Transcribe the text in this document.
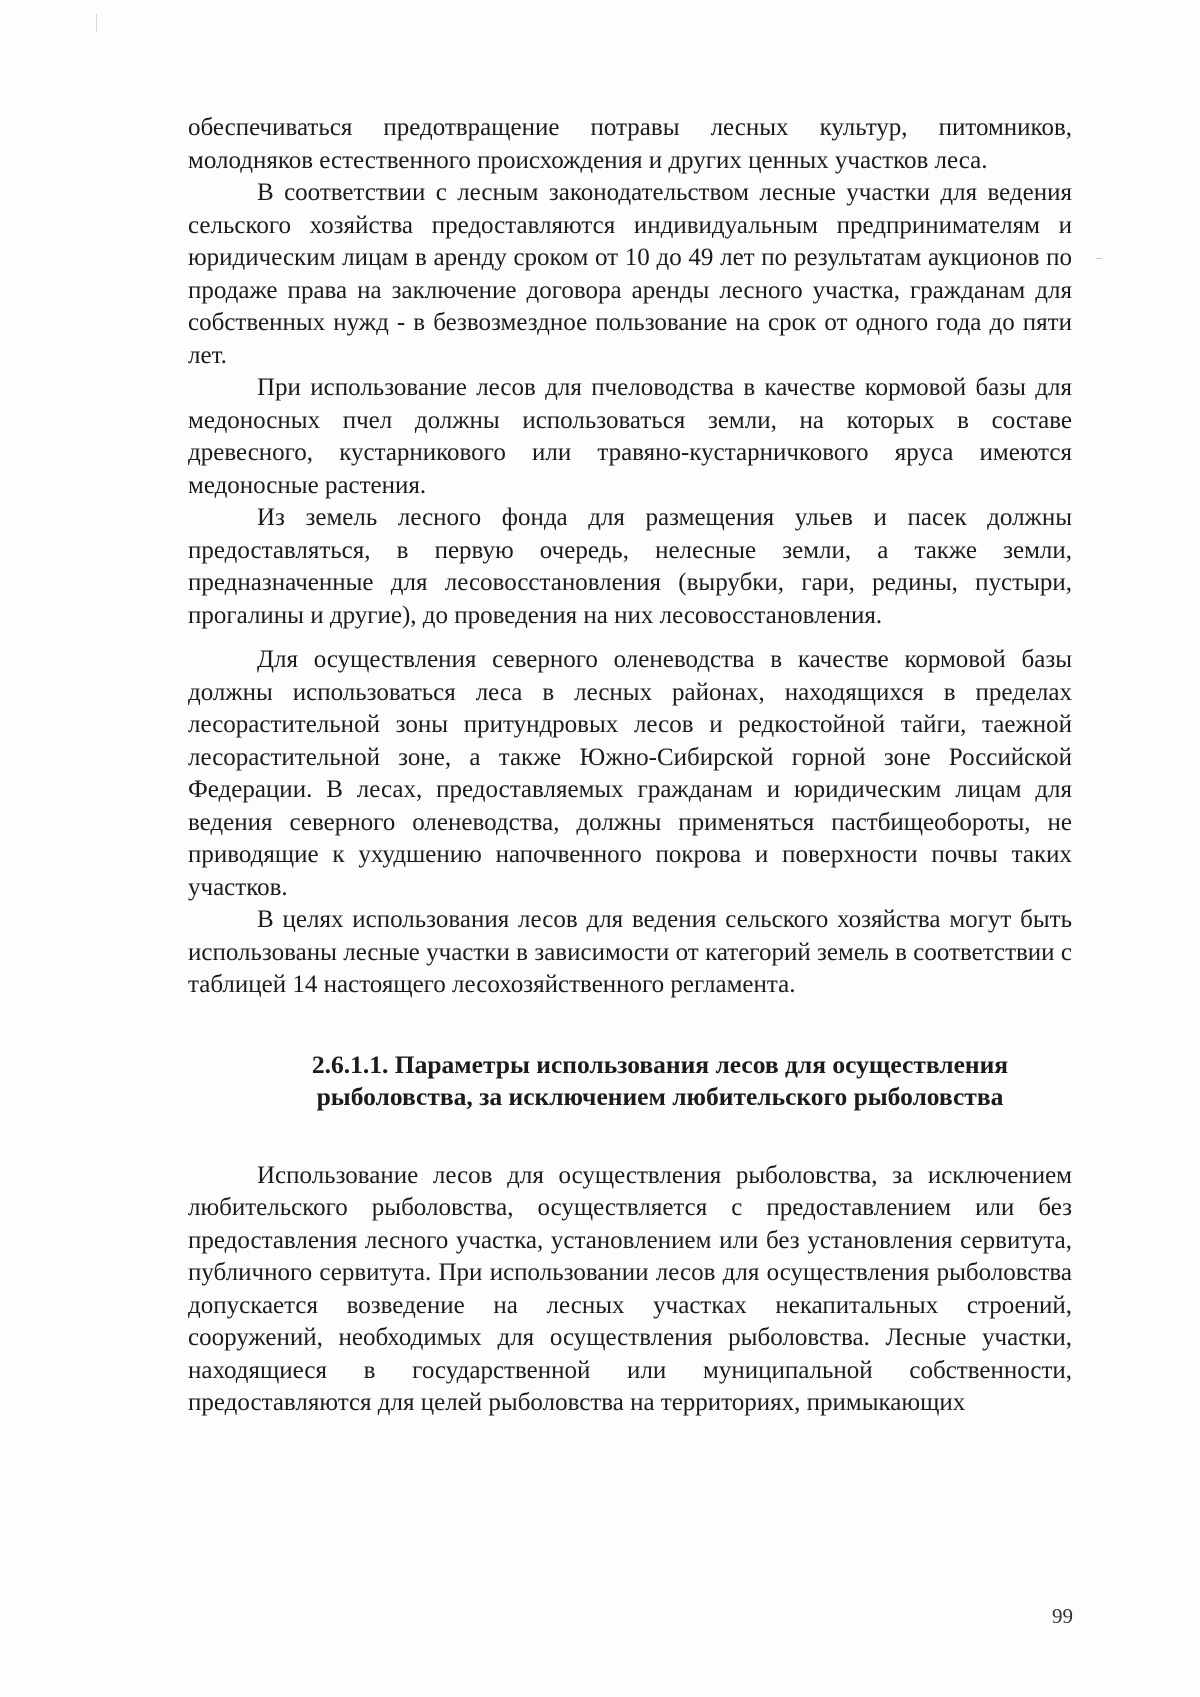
обеспечиваться предотвращение потравы лесных культур, питомников, молодняков естественного происхождения и других ценных участков леса.

В соответствии с лесным законодательством лесные участки для ведения сельского хозяйства предоставляются индивидуальным предпринимателям и юридическим лицам в аренду сроком от 10 до 49 лет по результатам аукционов по продаже права на заключение договора аренды лесного участка, гражданам для собственных нужд - в безвозмездное пользование на срок от одного года до пяти лет.

При использование лесов для пчеловодства в качестве кормовой базы для медоносных пчел должны использоваться земли, на которых в составе древесного, кустарникового или травяно-кустарничкового яруса имеются медоносные растения.

Из земель лесного фонда для размещения ульев и пасек должны предоставляться, в первую очередь, нелесные земли, а также земли, предназначенные для лесовосстановления (вырубки, гари, редины, пустыри, прогалины и другие), до проведения на них лесовосстановления.

Для осуществления северного оленеводства в качестве кормовой базы должны использоваться леса в лесных районах, находящихся в пределах лесорастительной зоны притундровых лесов и редкостойной тайги, таежной лесорастительной зоне, а также Южно-Сибирской горной зоне Российской Федерации. В лесах, предоставляемых гражданам и юридическим лицам для ведения северного оленеводства, должны применяться пастбищеобороты, не приводящие к ухудшению напочвенного покрова и поверхности почвы таких участков.

В целях использования лесов для ведения сельского хозяйства могут быть использованы лесные участки в зависимости от категорий земель в соответствии с таблицей 14 настоящего лесохозяйственного регламента.

2.6.1.1. Параметры использования лесов для осуществления
рыболовства, за исключением любительского рыболовства

Использование лесов для осуществления рыболовства, за исключением любительского рыболовства, осуществляется с предоставлением или без предоставления лесного участка, установлением или без установления сервитута, публичного сервитута. При использовании лесов для осуществления рыболовства допускается возведение на лесных участках некапитальных строений, сооружений, необходимых для осуществления рыболовства. Лесные участки, находящиеся в государственной или муниципальной собственности, предоставляются для целей рыболовства на территориях, примыкающих

99
